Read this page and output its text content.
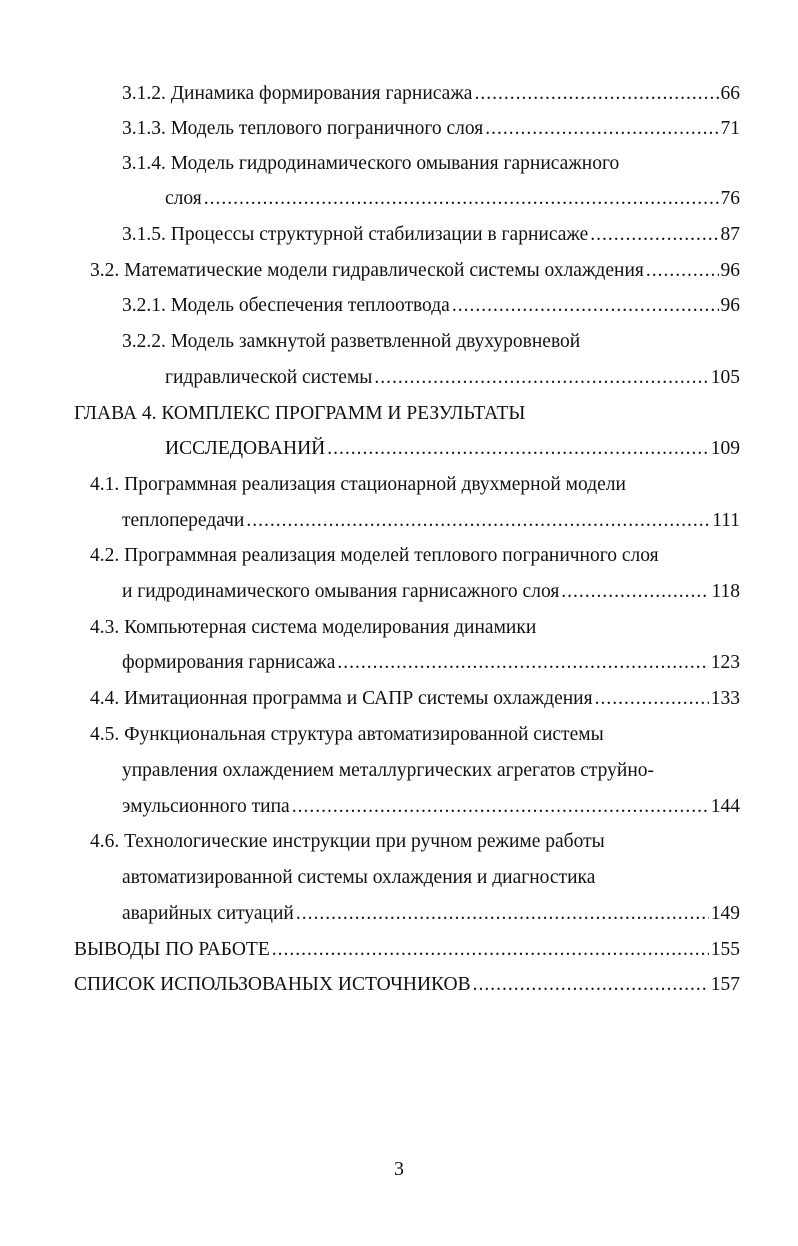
3.1.2. Динамика формирования гарнисажа .....	66
3.1.3. Модель теплового пограничного слоя .....	71
3.1.4. Модель гидродинамического омывания гарнисажного
слоя .....	76
3.1.5. Процессы структурной стабилизации в гарнисаже .....	87
3.2. Математические модели гидравлической системы охлаждения .....	96
3.2.1. Модель обеспечения теплоотвода .....	96
3.2.2. Модель замкнутой разветвленной двухуровневой
гидравлической системы .....	105
ГЛАВА 4. КОМПЛЕКС ПРОГРАММ И РЕЗУЛЬТАТЫ
ИССЛЕДОВАНИЙ .....	109
4.1. Программная реализация стационарной двухмерной модели
теплопередачи .....	111
4.2. Программная реализация моделей теплового пограничного слоя
и гидродинамического омывания гарнисажного слоя .....	118
4.3. Компьютерная система моделирования динамики
формирования гарнисажа .....	123
4.4. Имитационная программа и САПР системы охлаждения .....	133
4.5. Функциональная структура автоматизированной системы
управления охлаждением металлургических агрегатов струйно-
эмульсионного типа .....	144
4.6. Технологические инструкции при ручном режиме работы
автоматизированной системы охлаждения и диагностика
аварийных ситуаций .....	149
ВЫВОДЫ ПО РАБОТЕ .....	155
СПИСОК ИСПОЛЬЗОВАНЫХ ИСТОЧНИКОВ .....	157
3
